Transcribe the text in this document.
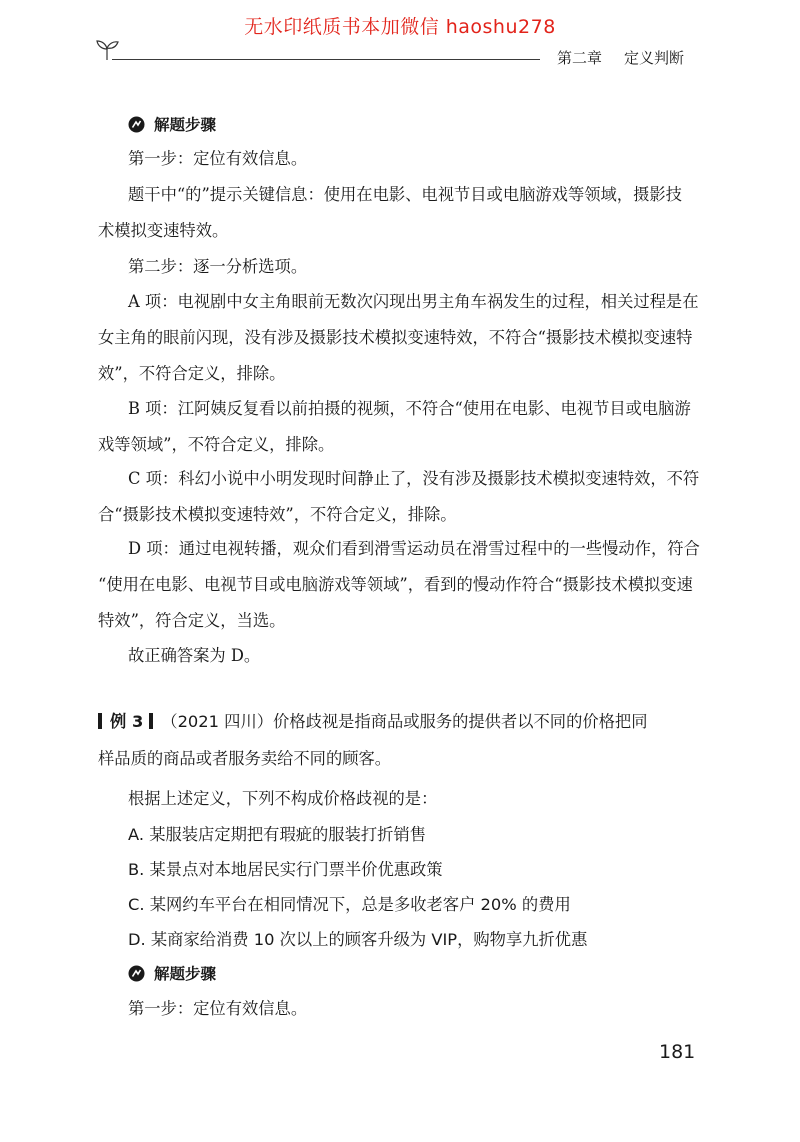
无水印纸质书本加微信 haoshu278
第二章 定义判断
解题步骤

第一步：定位有效信息。

题干中“的”提示关键信息：使用在电影、电视节目或电脑游戏等领域，摄影技
术模拟变速特效。

第二步：逐一分析选项。

A 项：电视剧中女主角眼前无数次闪现出男主角车祸发生的过程，相关过程是在
女主角的眼前闪现，没有涉及摄影技术模拟变速特效，不符合“摄影技术模拟变速特
效”，不符合定义，排除。

B 项：江阿姨反复看以前拍摄的视频，不符合“使用在电影、电视节目或电脑游
戏等领域”，不符合定义，排除。

C 项：科幻小说中小明发现时间静止了，没有涉及摄影技术模拟变速特效，不符
合“摄影技术模拟变速特效”，不符合定义，排除。

D 项：通过电视转播，观众们看到滑雪运动员在滑雪过程中的一些慢动作，符合
“使用在电影、电视节目或电脑游戏等领域”，看到的慢动作符合“摄影技术模拟变速
特效”，符合定义，当选。

故正确答案为 D。

例 3 （2021 四川）价格歧视是指商品或服务的提供者以不同的价格把同
样品质的商品或者服务卖给不同的顾客。

根据上述定义，下列不构成价格歧视的是：

A. 某服装店定期把有瑕疵的服装打折销售

B. 某景点对本地居民实行门票半价优惠政策

C. 某网约车平台在相同情况下，总是多收老客户 20% 的费用

D. 某商家给消费 10 次以上的顾客升级为 VIP，购物享九折优惠

解题步骤

第一步：定位有效信息。

181
